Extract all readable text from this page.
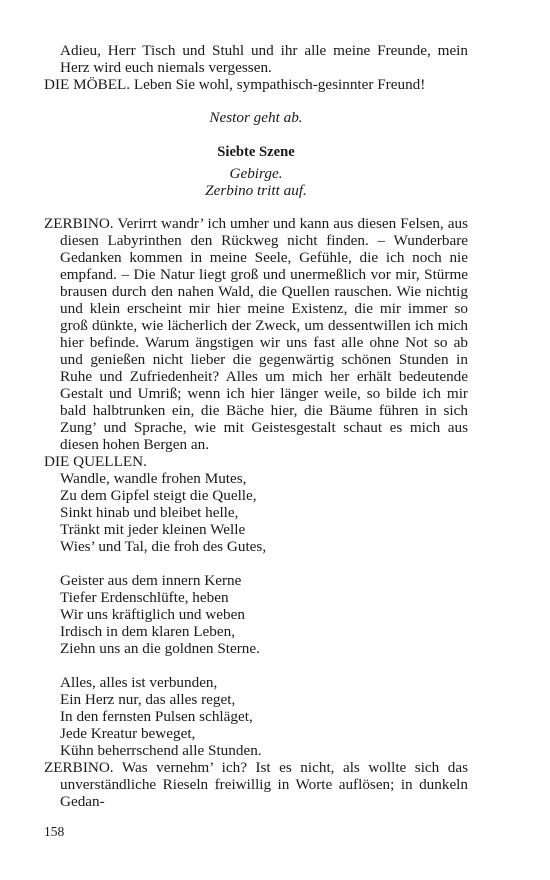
Adieu, Herr Tisch und Stuhl und ihr alle meine Freunde, mein Herz wird euch niemals vergessen.

DIE MÖBEL. Leben Sie wohl, sympathisch-gesinnter Freund!

Nestor geht ab.

Siebte Szene

Gebirge.

Zerbino tritt auf.

ZERBINO. Verirrt wandr’ ich umher und kann aus diesen Felsen, aus diesen Labyrinthen den Rückweg nicht finden. – Wunderbare Gedanken kommen in meine Seele, Gefühle, die ich noch nie empfand. – Die Natur liegt groß und unermeßlich vor mir, Stürme brausen durch den nahen Wald, die Quellen rauschen. Wie nichtig und klein erscheint mir hier meine Existenz, die mir immer so groß dünkte, wie lächerlich der Zweck, um dessentwillen ich mich hier befinde. Warum ängstigen wir uns fast alle ohne Not so ab und genießen nicht lieber die gegenwärtig schönen Stunden in Ruhe und Zufriedenheit? Alles um mich her erhält bedeutende Gestalt und Umriß; wenn ich hier länger weile, so bilde ich mir bald halbtrunken ein, die Bäche hier, die Bäume führen in sich Zung’ und Sprache, wie mit Geistesgestalt schaut es mich aus diesen hohen Bergen an.

DIE QUELLEN.

Wandle, wandle frohen Mutes,
Zu dem Gipfel steigt die Quelle,
Sinkt hinab und bleibet helle,
Tränkt mit jeder kleinen Welle
Wies’ und Tal, die froh des Gutes,
Geister aus dem innern Kerne
Tiefer Erdenschlüfte, heben
Wir uns kräftiglich und weben
Irdisch in dem klaren Leben,
Ziehn uns an die goldnen Sterne.
Alles, alles ist verbunden,
Ein Herz nur, das alles reget,
In den fernsten Pulsen schläget,
Jede Kreatur beweget,
Kühn beherrschend alle Stunden.

ZERBINO. Was vernehm’ ich? Ist es nicht, als wollte sich das unverständliche Rieseln freiwillig in Worte auflösen; in dunkeln Gedan-

158
